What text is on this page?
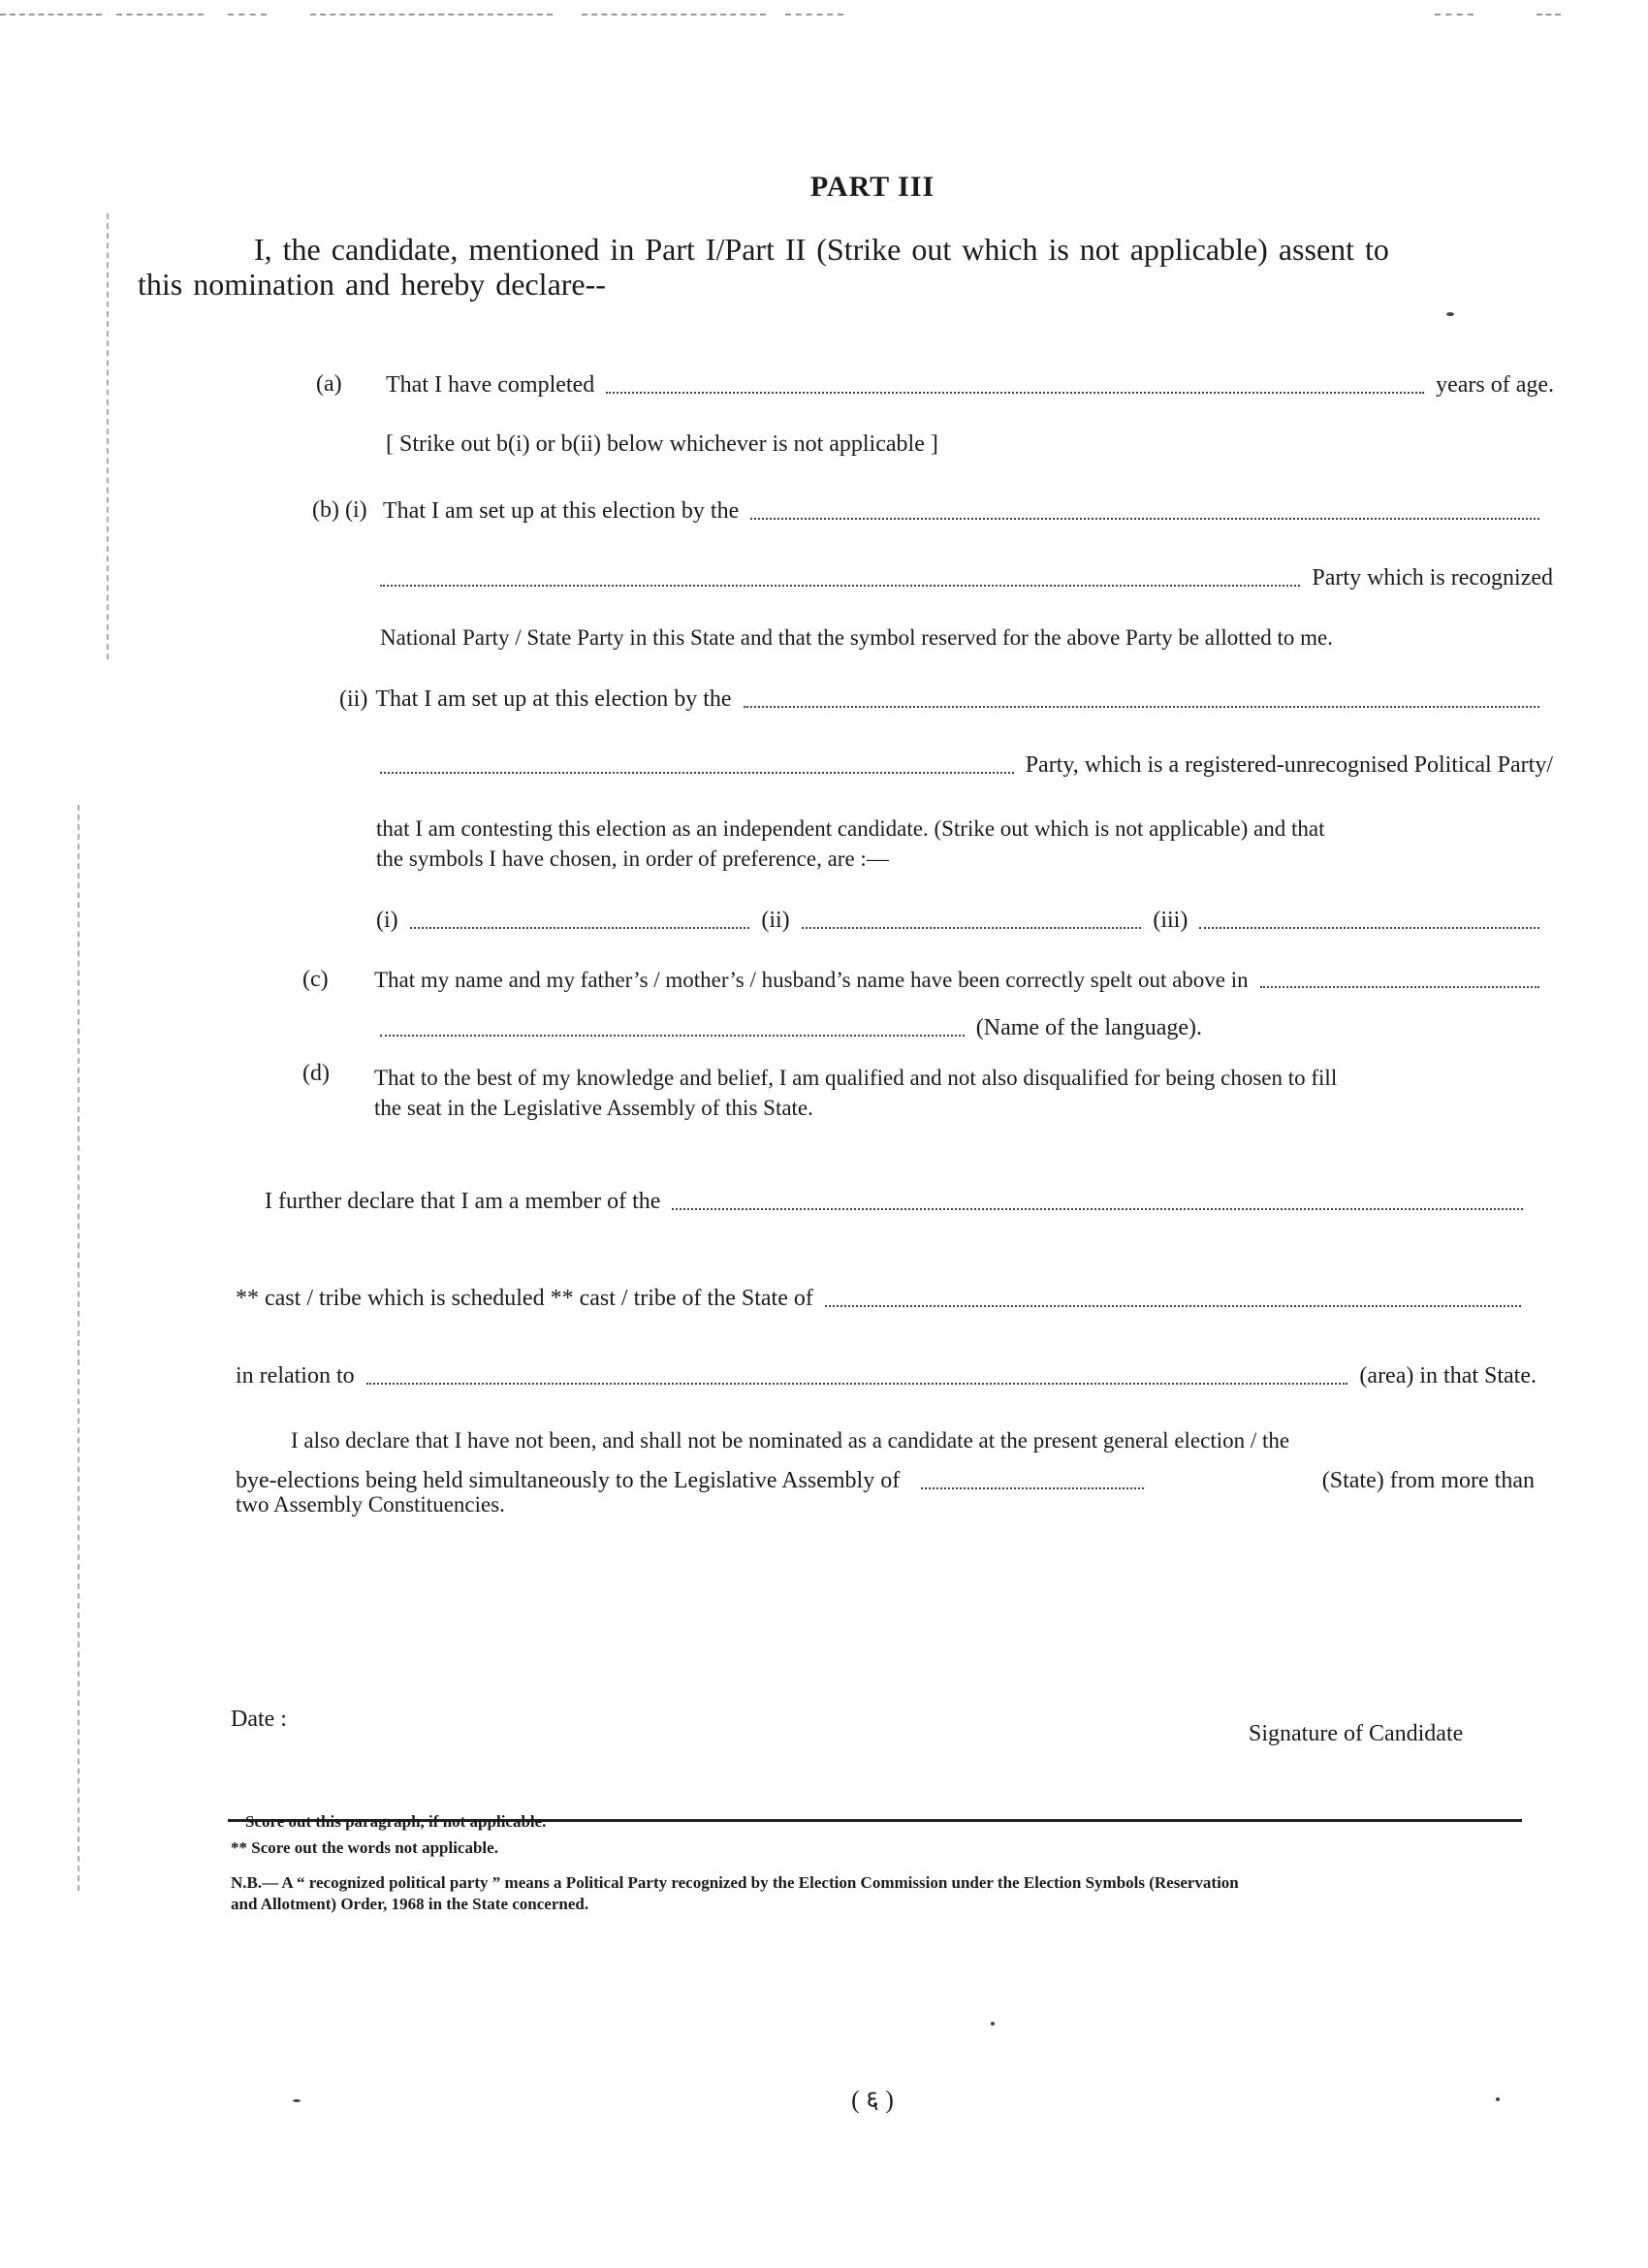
PART III
I, the candidate, mentioned in Part I/Part II (Strike out which is not applicable) assent to
this nomination and hereby declare--
(a) That I have completed	years of age.
[ Strike out b(i) or b(ii) below whichever is not applicable ]
(b) (i) That I am set up at this election by the
Party which is recognized
National Party / State Party in this State and that the symbol reserved for the above Party be allotted to me.
(ii) That I am set up at this election by the
Party, which is a registered-unrecognised Political Party/
that I am contesting this election as an independent candidate. (Strike out which is not applicable) and that
the symbols I have chosen, in order of preference, are :—
(i)	(ii)	(iii)
(c) That my name and my father’s / mother’s / husband’s name have been correctly spelt out above in
(Name of the language).
(d) That to the best of my knowledge and belief, I am qualified and not also disqualified for being chosen to fill
the seat in the Legislative Assembly of this State.
I further declare that I am a member of the
** cast / tribe which is scheduled ** cast / tribe of the State of
in relation to	(area) in that State.
I also declare that I have not been, and shall not be nominated as a candidate at the present general election / the
bye-elections being held simultaneously to the Legislative Assembly of	(State) from more than
two Assembly Constituencies.
Date :
Signature of Candidate
Score out this paragraph, if not applicable.
** Score out the words not applicable.
N.B.— A “ recognized political party ” means a Political Party recognized by the Election Commission under the Election Symbols (Reservation
and Allotment) Order, 1968 in the State concerned.
( ६ )
